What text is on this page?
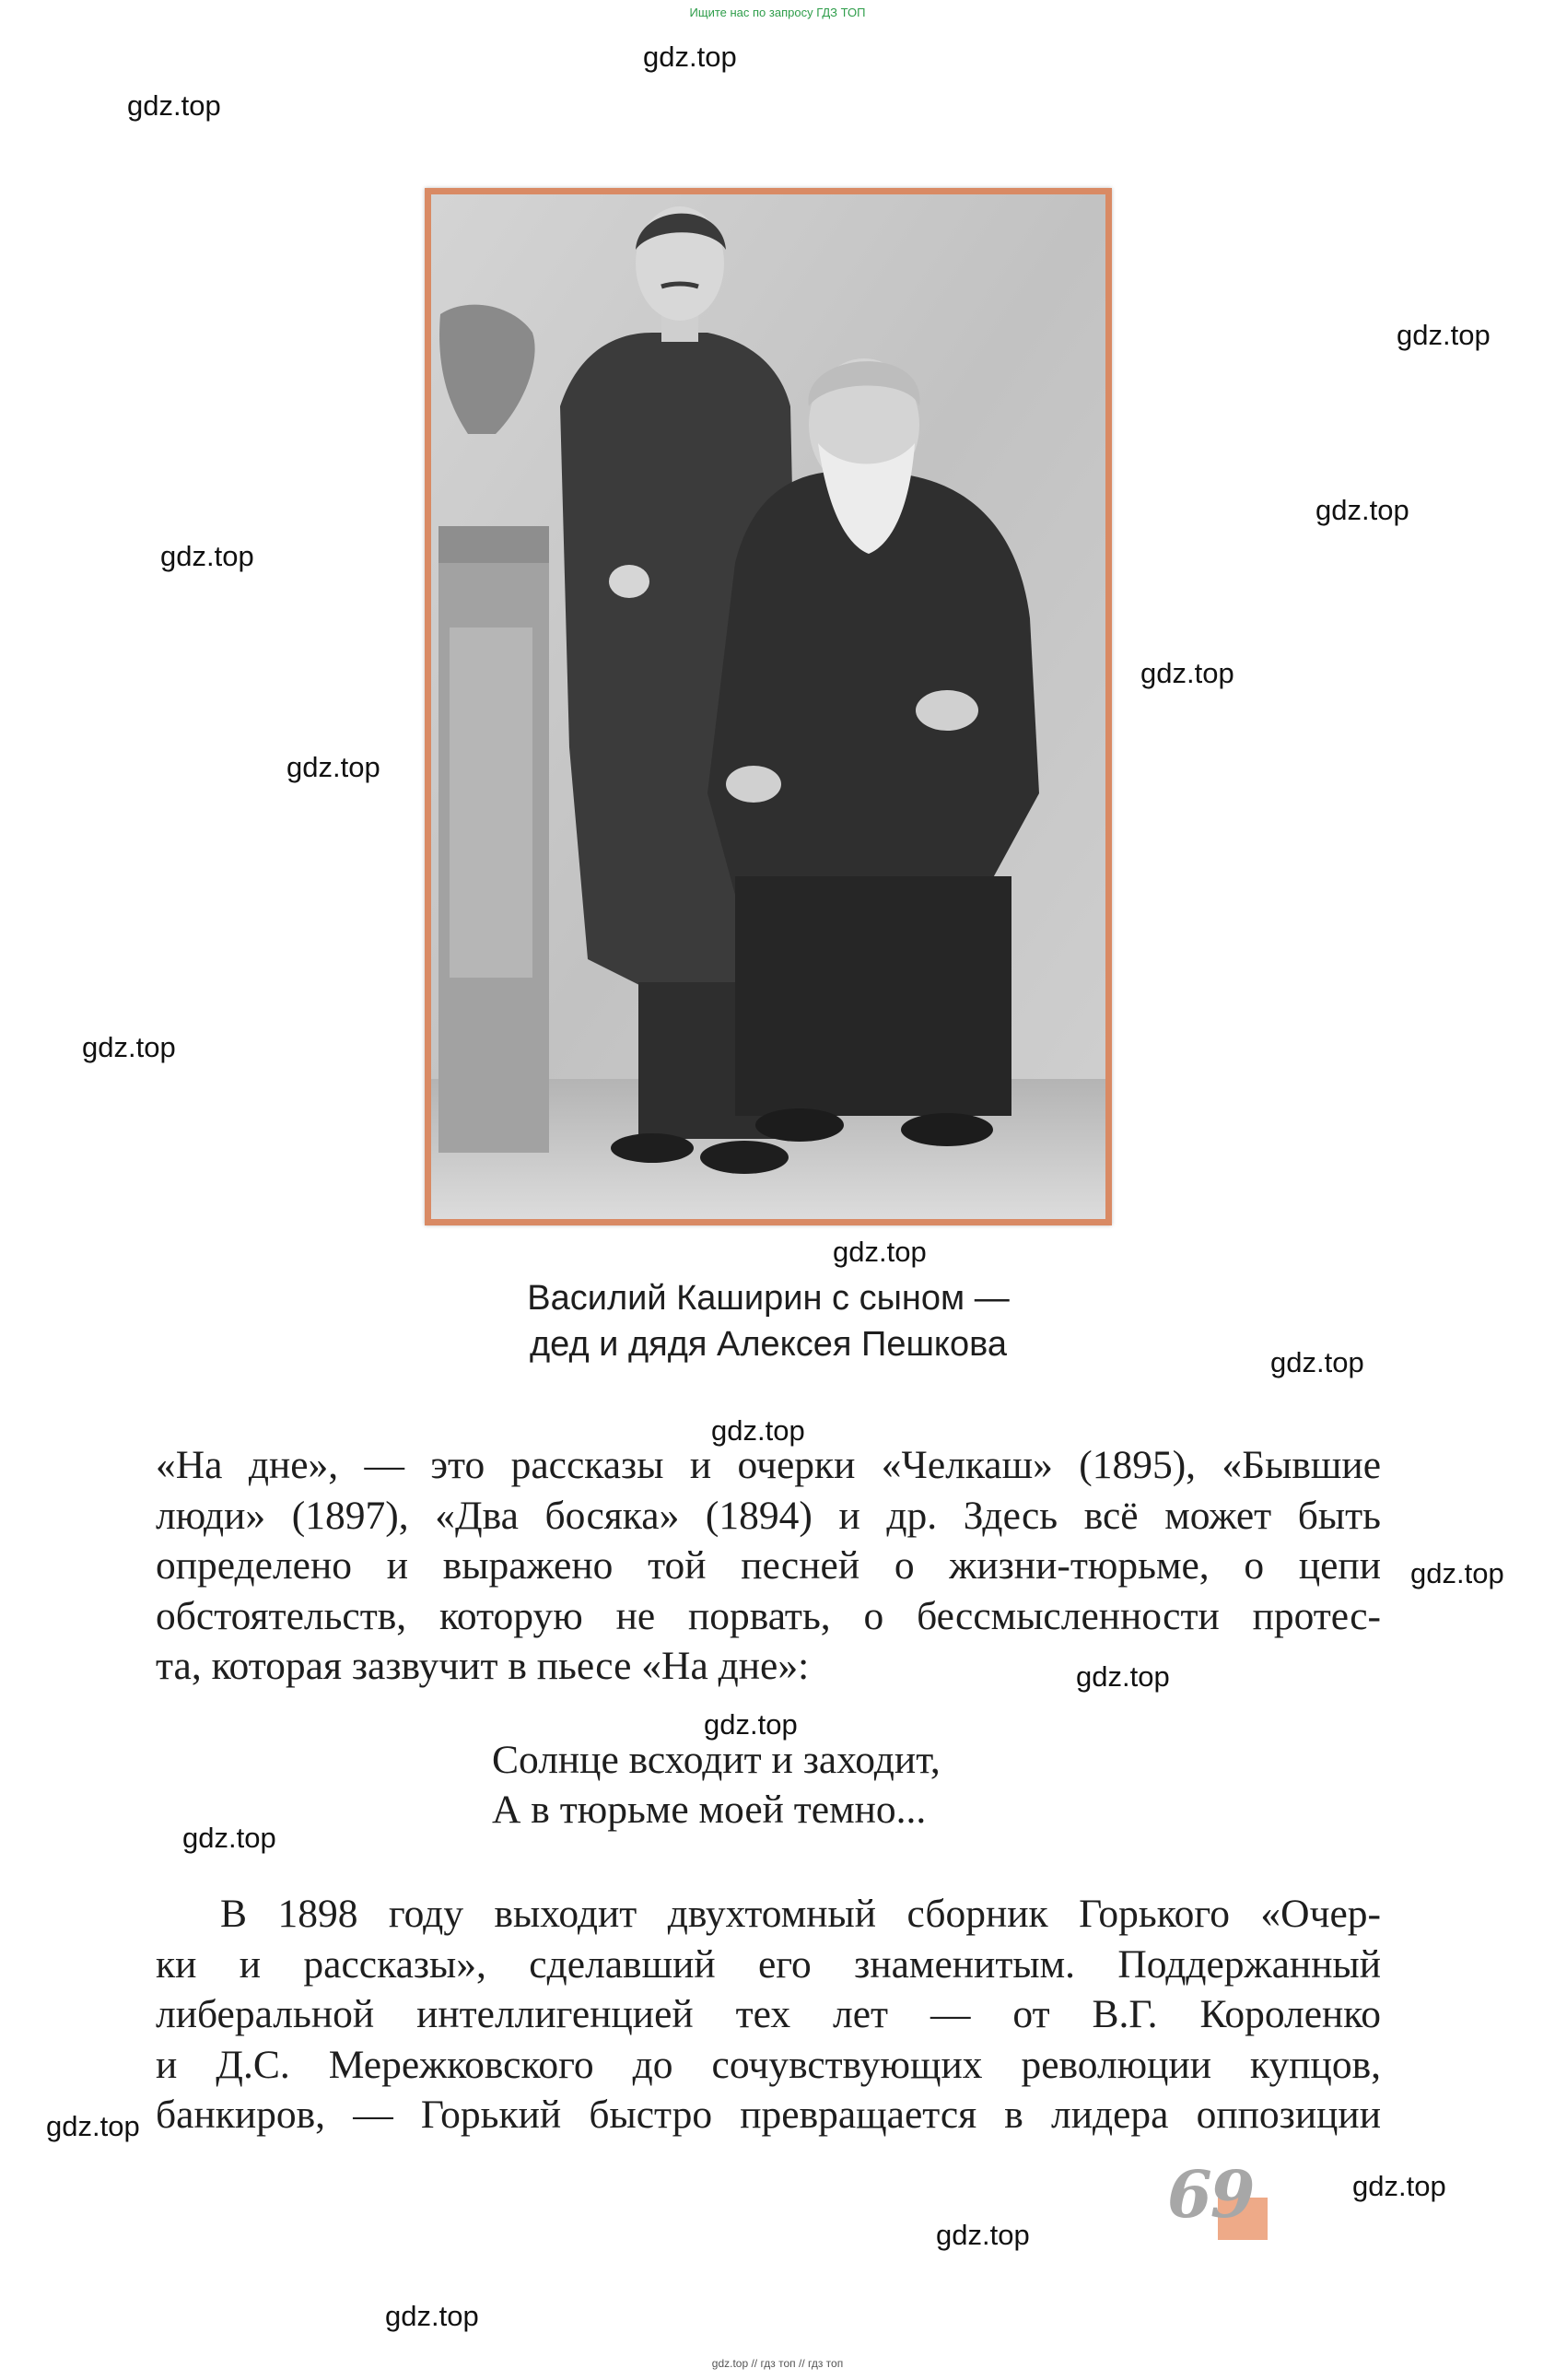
Ищите нас по запросу ГДЗ ТОП
gdz.top
gdz.top
gdz.top
gdz.top
gdz.top
gdz.top
gdz.top
gdz.top
gdz.top
gdz.top
gdz.top
gdz.top
gdz.top
gdz.top
gdz.top
gdz.top
gdz.top
gdz.top
gdz.top
Василий Каширин с сыном —
дед и дядя Алексея Пешкова
«На дне», — это рассказы и очерки «Челкаш» (1895), «Бывшие
люди» (1897), «Два босяка» (1894) и др. Здесь всё может быть
определено и выражено той песней о жизни-тюрьме, о цепи
обстоятельств, которую не порвать, о бессмысленности протес-
та, которая зазвучит в пьесе «На дне»:
Солнце всходит и заходит,
А в тюрьме моей темно...
В 1898 году выходит двухтомный сборник Горького «Очер-
ки и рассказы», сделавший его знаменитым. Поддержанный
либеральной интеллигенцией тех лет — от В.Г. Короленко
и Д.С. Мережковского до сочувствующих революции купцов,
банкиров, — Горький быстро превращается в лидера оппозиции
69
gdz.top // гдз топ // гдз топ
